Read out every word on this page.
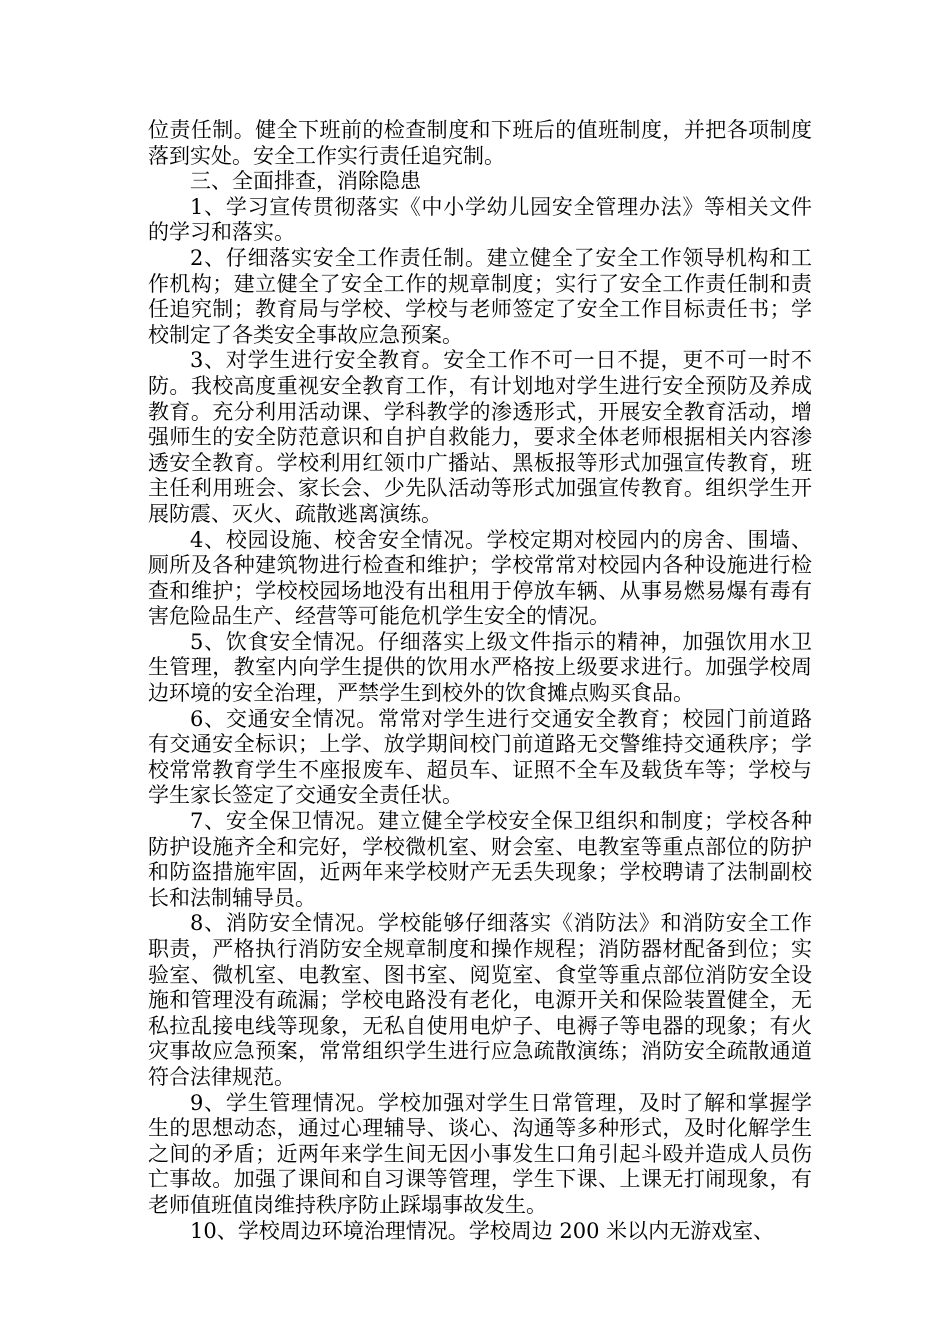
位责任制。健全下班前的检查制度和下班后的值班制度，并把各项制度落到实处。安全工作实行责任追究制。

三、全面排查，消除隐患

1、学习宣传贯彻落实《中小学幼儿园安全管理办法》等相关文件的学习和落实。

2、仔细落实安全工作责任制。建立健全了安全工作领导机构和工作机构；建立健全了安全工作的规章制度；实行了安全工作责任制和责任追究制；教育局与学校、学校与老师签定了安全工作目标责任书；学校制定了各类安全事故应急预案。

3、对学生进行安全教育。安全工作不可一日不提，更不可一时不防。我校高度重视安全教育工作，有计划地对学生进行安全预防及养成教育。充分利用活动课、学科教学的渗透形式，开展安全教育活动，增强师生的安全防范意识和自护自救能力，要求全体老师根据相关内容渗透安全教育。学校利用红领巾广播站、黑板报等形式加强宣传教育，班主任利用班会、家长会、少先队活动等形式加强宣传教育。组织学生开展防震、灭火、疏散逃离演练。

4、校园设施、校舍安全情况。学校定期对校园内的房舍、围墙、厕所及各种建筑物进行检查和维护；学校常常对校园内各种设施进行检查和维护；学校校园场地没有出租用于停放车辆、从事易燃易爆有毒有害危险品生产、经营等可能危机学生安全的情况。

5、饮食安全情况。仔细落实上级文件指示的精神，加强饮用水卫生管理，教室内向学生提供的饮用水严格按上级要求进行。加强学校周边环境的安全治理，严禁学生到校外的饮食摊点购买食品。

6、交通安全情况。常常对学生进行交通安全教育；校园门前道路有交通安全标识；上学、放学期间校门前道路无交警维持交通秩序；学校常常教育学生不座报废车、超员车、证照不全车及载货车等；学校与学生家长签定了交通安全责任状。

7、安全保卫情况。建立健全学校安全保卫组织和制度；学校各种防护设施齐全和完好，学校微机室、财会室、电教室等重点部位的防护和防盗措施牢固，近两年来学校财产无丢失现象；学校聘请了法制副校长和法制辅导员。

8、消防安全情况。学校能够仔细落实《消防法》和消防安全工作职责，严格执行消防安全规章制度和操作规程；消防器材配备到位；实验室、微机室、电教室、图书室、阅览室、食堂等重点部位消防安全设施和管理没有疏漏；学校电路没有老化，电源开关和保险装置健全，无私拉乱接电线等现象，无私自使用电炉子、电褥子等电器的现象；有火灾事故应急预案，常常组织学生进行应急疏散演练；消防安全疏散通道符合法律规范。

9、学生管理情况。学校加强对学生日常管理，及时了解和掌握学生的思想动态，通过心理辅导、谈心、沟通等多种形式，及时化解学生之间的矛盾；近两年来学生间无因小事发生口角引起斗殴并造成人员伤亡事故。加强了课间和自习课等管理，学生下课、上课无打闹现象，有老师值班值岗维持秩序防止踩塌事故发生。

10、学校周边环境治理情况。学校周边 200 米以内无游戏室、
